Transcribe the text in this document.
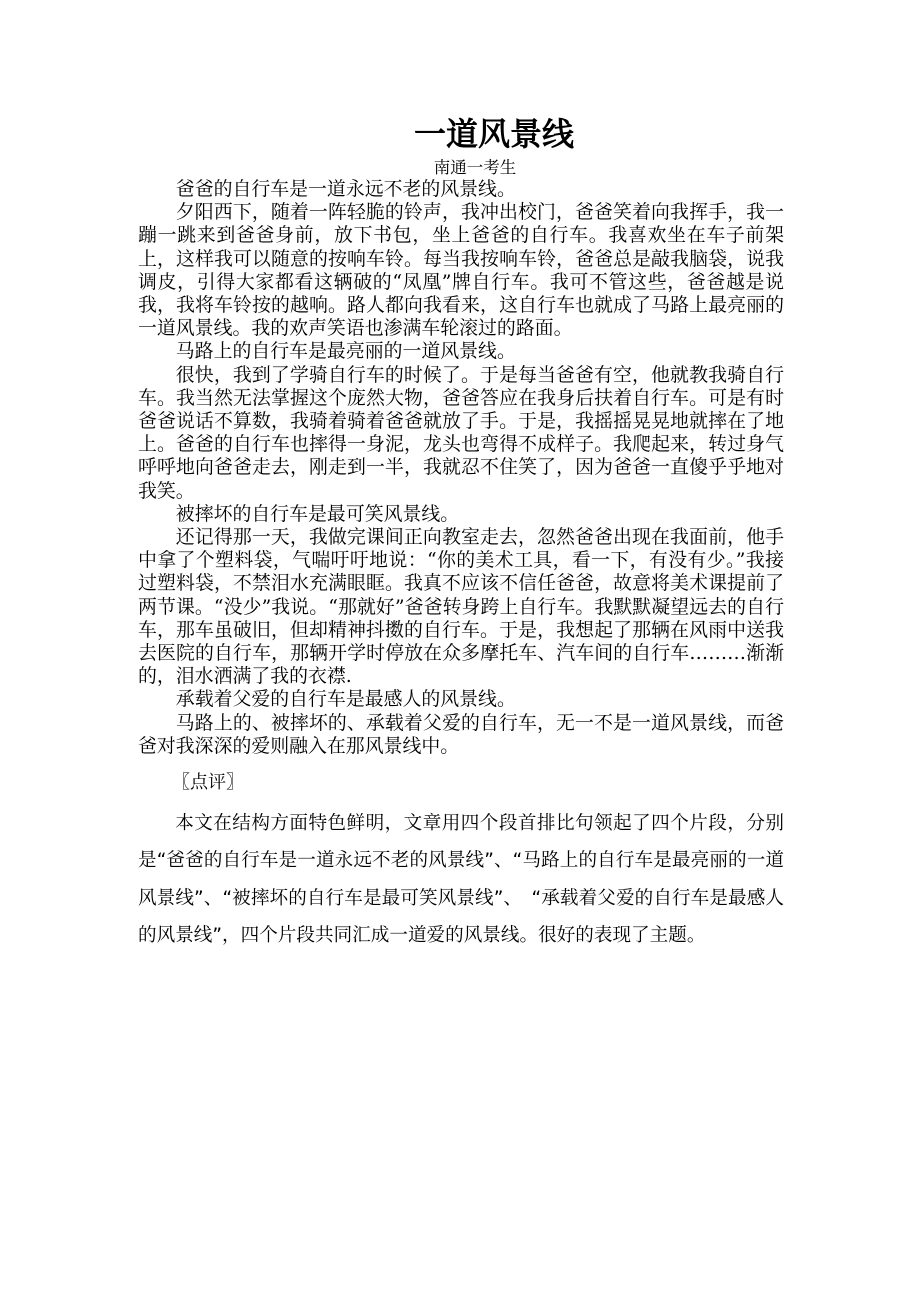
一道风景线

南通一考生

爸爸的自行车是一道永远不老的风景线。

夕阳西下，随着一阵轻脆的铃声，我冲出校门，爸爸笑着向我挥手，我一蹦一跳来到爸爸身前，放下书包，坐上爸爸的自行车。我喜欢坐在车子前架上，这样我可以随意的按响车铃。每当我按响车铃，爸爸总是敲我脑袋，说我调皮，引得大家都看这辆破的“凤凰”牌自行车。我可不管这些，爸爸越是说我，我将车铃按的越响。路人都向我看来，这自行车也就成了马路上最亮丽的一道风景线。我的欢声笑语也渗满车轮滚过的路面。

马路上的自行车是最亮丽的一道风景线。

很快，我到了学骑自行车的时候了。于是每当爸爸有空，他就教我骑自行车。我当然无法掌握这个庞然大物，爸爸答应在我身后扶着自行车。可是有时爸爸说话不算数，我骑着骑着爸爸就放了手。于是，我摇摇晃晃地就摔在了地上。爸爸的自行车也摔得一身泥，龙头也弯得不成样子。我爬起来，转过身气呼呼地向爸爸走去，刚走到一半，我就忍不住笑了，因为爸爸一直傻乎乎地对我笑。

被摔坏的自行车是最可笑风景线。

还记得那一天，我做完课间正向教室走去，忽然爸爸出现在我面前，他手中拿了个塑料袋，气喘吁吁地说：“你的美术工具，看一下，有没有少。”我接过塑料袋，不禁泪水充满眼眶。我真不应该不信任爸爸，故意将美术课提前了两节课。“没少”我说。“那就好”爸爸转身跨上自行车。我默默凝望远去的自行车，那车虽破旧，但却精神抖擞的自行车。于是，我想起了那辆在风雨中送我去医院的自行车，那辆开学时停放在众多摩托车、汽车间的自行车………渐渐的，泪水洒满了我的衣襟.

承载着父爱的自行车是最感人的风景线。

马路上的、被摔坏的、承载着父爱的自行车，无一不是一道风景线，而爸爸对我深深的爱则融入在那风景线中。

〖点评〗

本文在结构方面特色鲜明，文章用四个段首排比句领起了四个片段，分别是“爸爸的自行车是一道永远不老的风景线”、“马路上的自行车是最亮丽的一道风景线”、“被摔坏的自行车是最可笑风景线”、　“承载着父爱的自行车是最感人的风景线”，四个片段共同汇成一道爱的风景线。很好的表现了主题。
